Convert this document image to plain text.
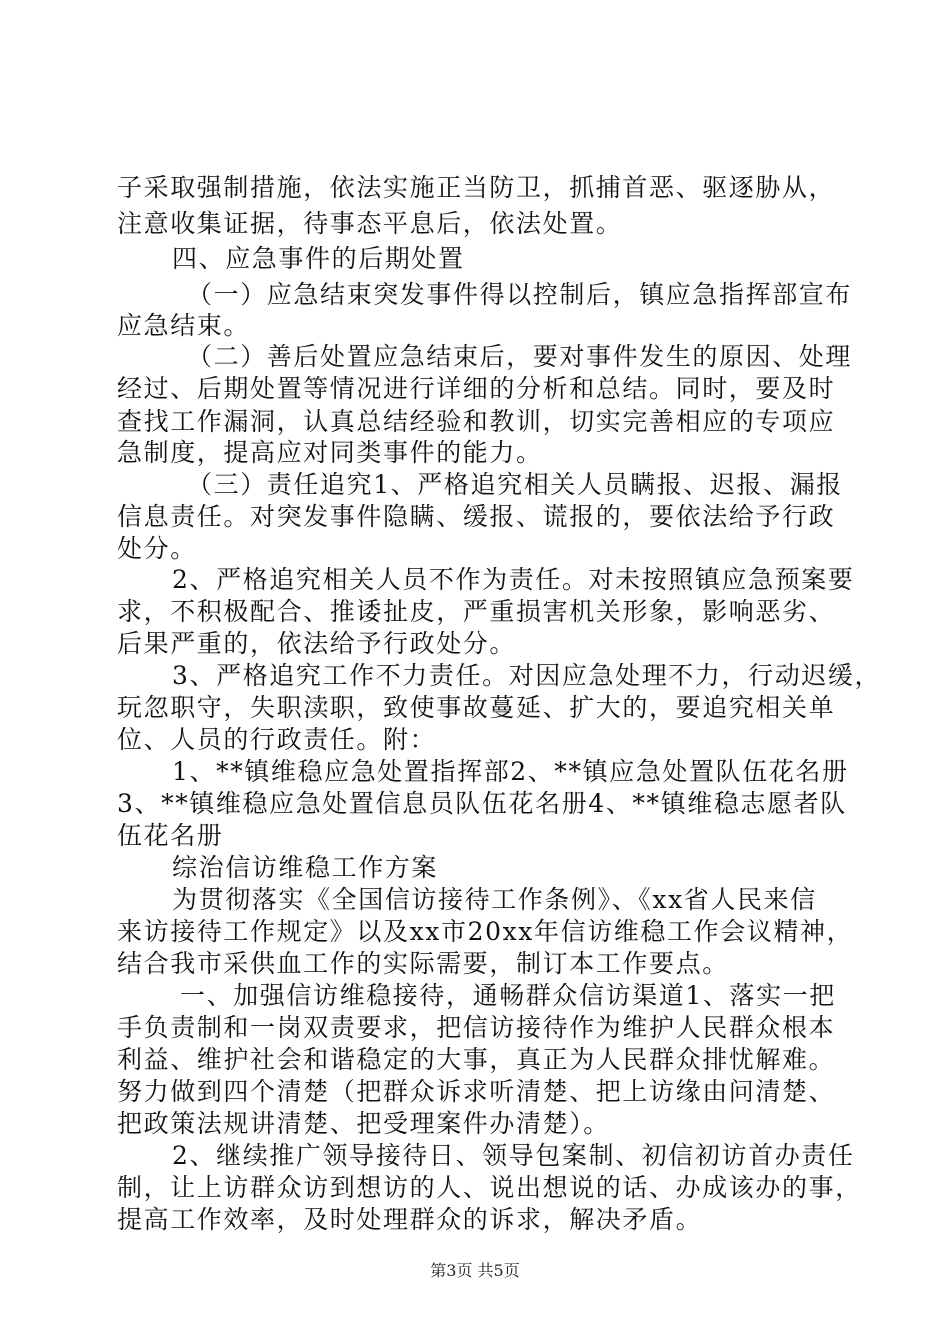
子采取强制措施，依法实施正当防卫，抓捕首恶、驱逐胁从，

注意收集证据，待事态平息后，依法处置。

四、应急事件的后期处置

（一）应急结束突发事件得以控制后，镇应急指挥部宣布

应急结束。

（二）善后处置应急结束后，要对事件发生的原因、处理

经过、后期处置等情况进行详细的分析和总结。同时，要及时

查找工作漏洞，认真总结经验和教训，切实完善相应的专项应

急制度，提高应对同类事件的能力。

（三）责任追究1、严格追究相关人员瞒报、迟报、漏报

信息责任。对突发事件隐瞒、缓报、谎报的，要依法给予行政

处分。

2、严格追究相关人员不作为责任。对未按照镇应急预案要

求，不积极配合、推诿扯皮，严重损害机关形象，影响恶劣、

后果严重的，依法给予行政处分。

3、严格追究工作不力责任。对因应急处理不力，行动迟缓，

玩忽职守，失职渎职，致使事故蔓延、扩大的，要追究相关单

位、人员的行政责任。附：

1、**镇维稳应急处置指挥部2、**镇应急处置队伍花名册

3、**镇维稳应急处置信息员队伍花名册4、**镇维稳志愿者队

伍花名册

综治信访维稳工作方案

为贯彻落实《全国信访接待工作条例》、《xx省人民来信

来访接待工作规定》以及xx市20xx年信访维稳工作会议精神，

结合我市采供血工作的实际需要，制订本工作要点。

一、加强信访维稳接待，通畅群众信访渠道1、落实一把

手负责制和一岗双责要求，把信访接待作为维护人民群众根本

利益、维护社会和谐稳定的大事，真正为人民群众排忧解难。

努力做到四个清楚（把群众诉求听清楚、把上访缘由问清楚、

把政策法规讲清楚、把受理案件办清楚）。

2、继续推广领导接待日、领导包案制、初信初访首办责任

制，让上访群众访到想访的人、说出想说的话、办成该办的事，

提高工作效率，及时处理群众的诉求，解决矛盾。

第3页 共5页
